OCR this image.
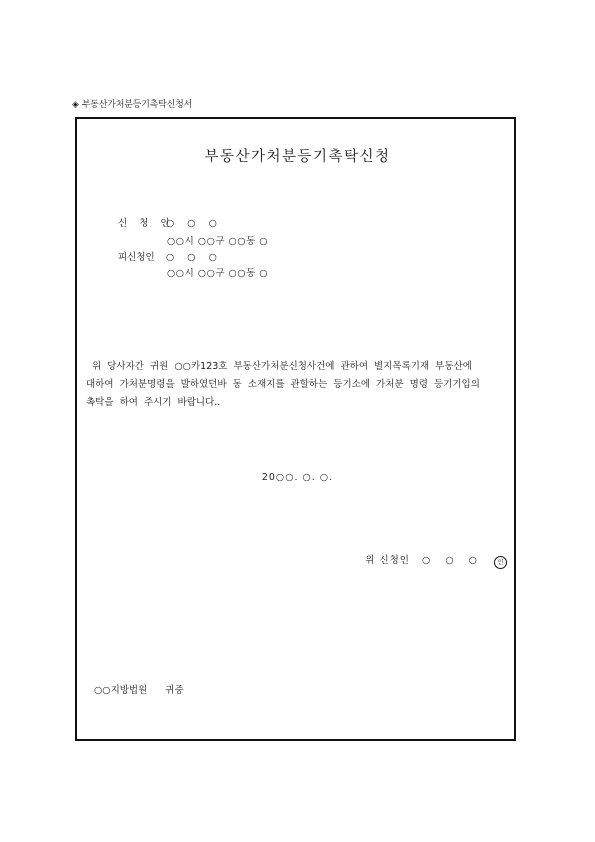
◈ 부동산가처분등기촉탁신청서
부동산가처분등기촉탁신청
신 청 인○ ○ ○
○○시 ○○구 ○○동 ○
피신청인 ○ ○ ○
○○시 ○○구 ○○동 ○
위  당사자간  귀원  ○○카123호  부동산가처분신청사건에  관하여  별지목록기재  부동산에
대하여  가처분명령을  발하였던바  동  소재지를  관할하는  등기소에  가처분  명령  등기기입의
촉탁을  하여  주시기  바랍니다..
20○○. ○. ○.
위 신청인 ○  ○  ○	인
○○지방법원 귀중
